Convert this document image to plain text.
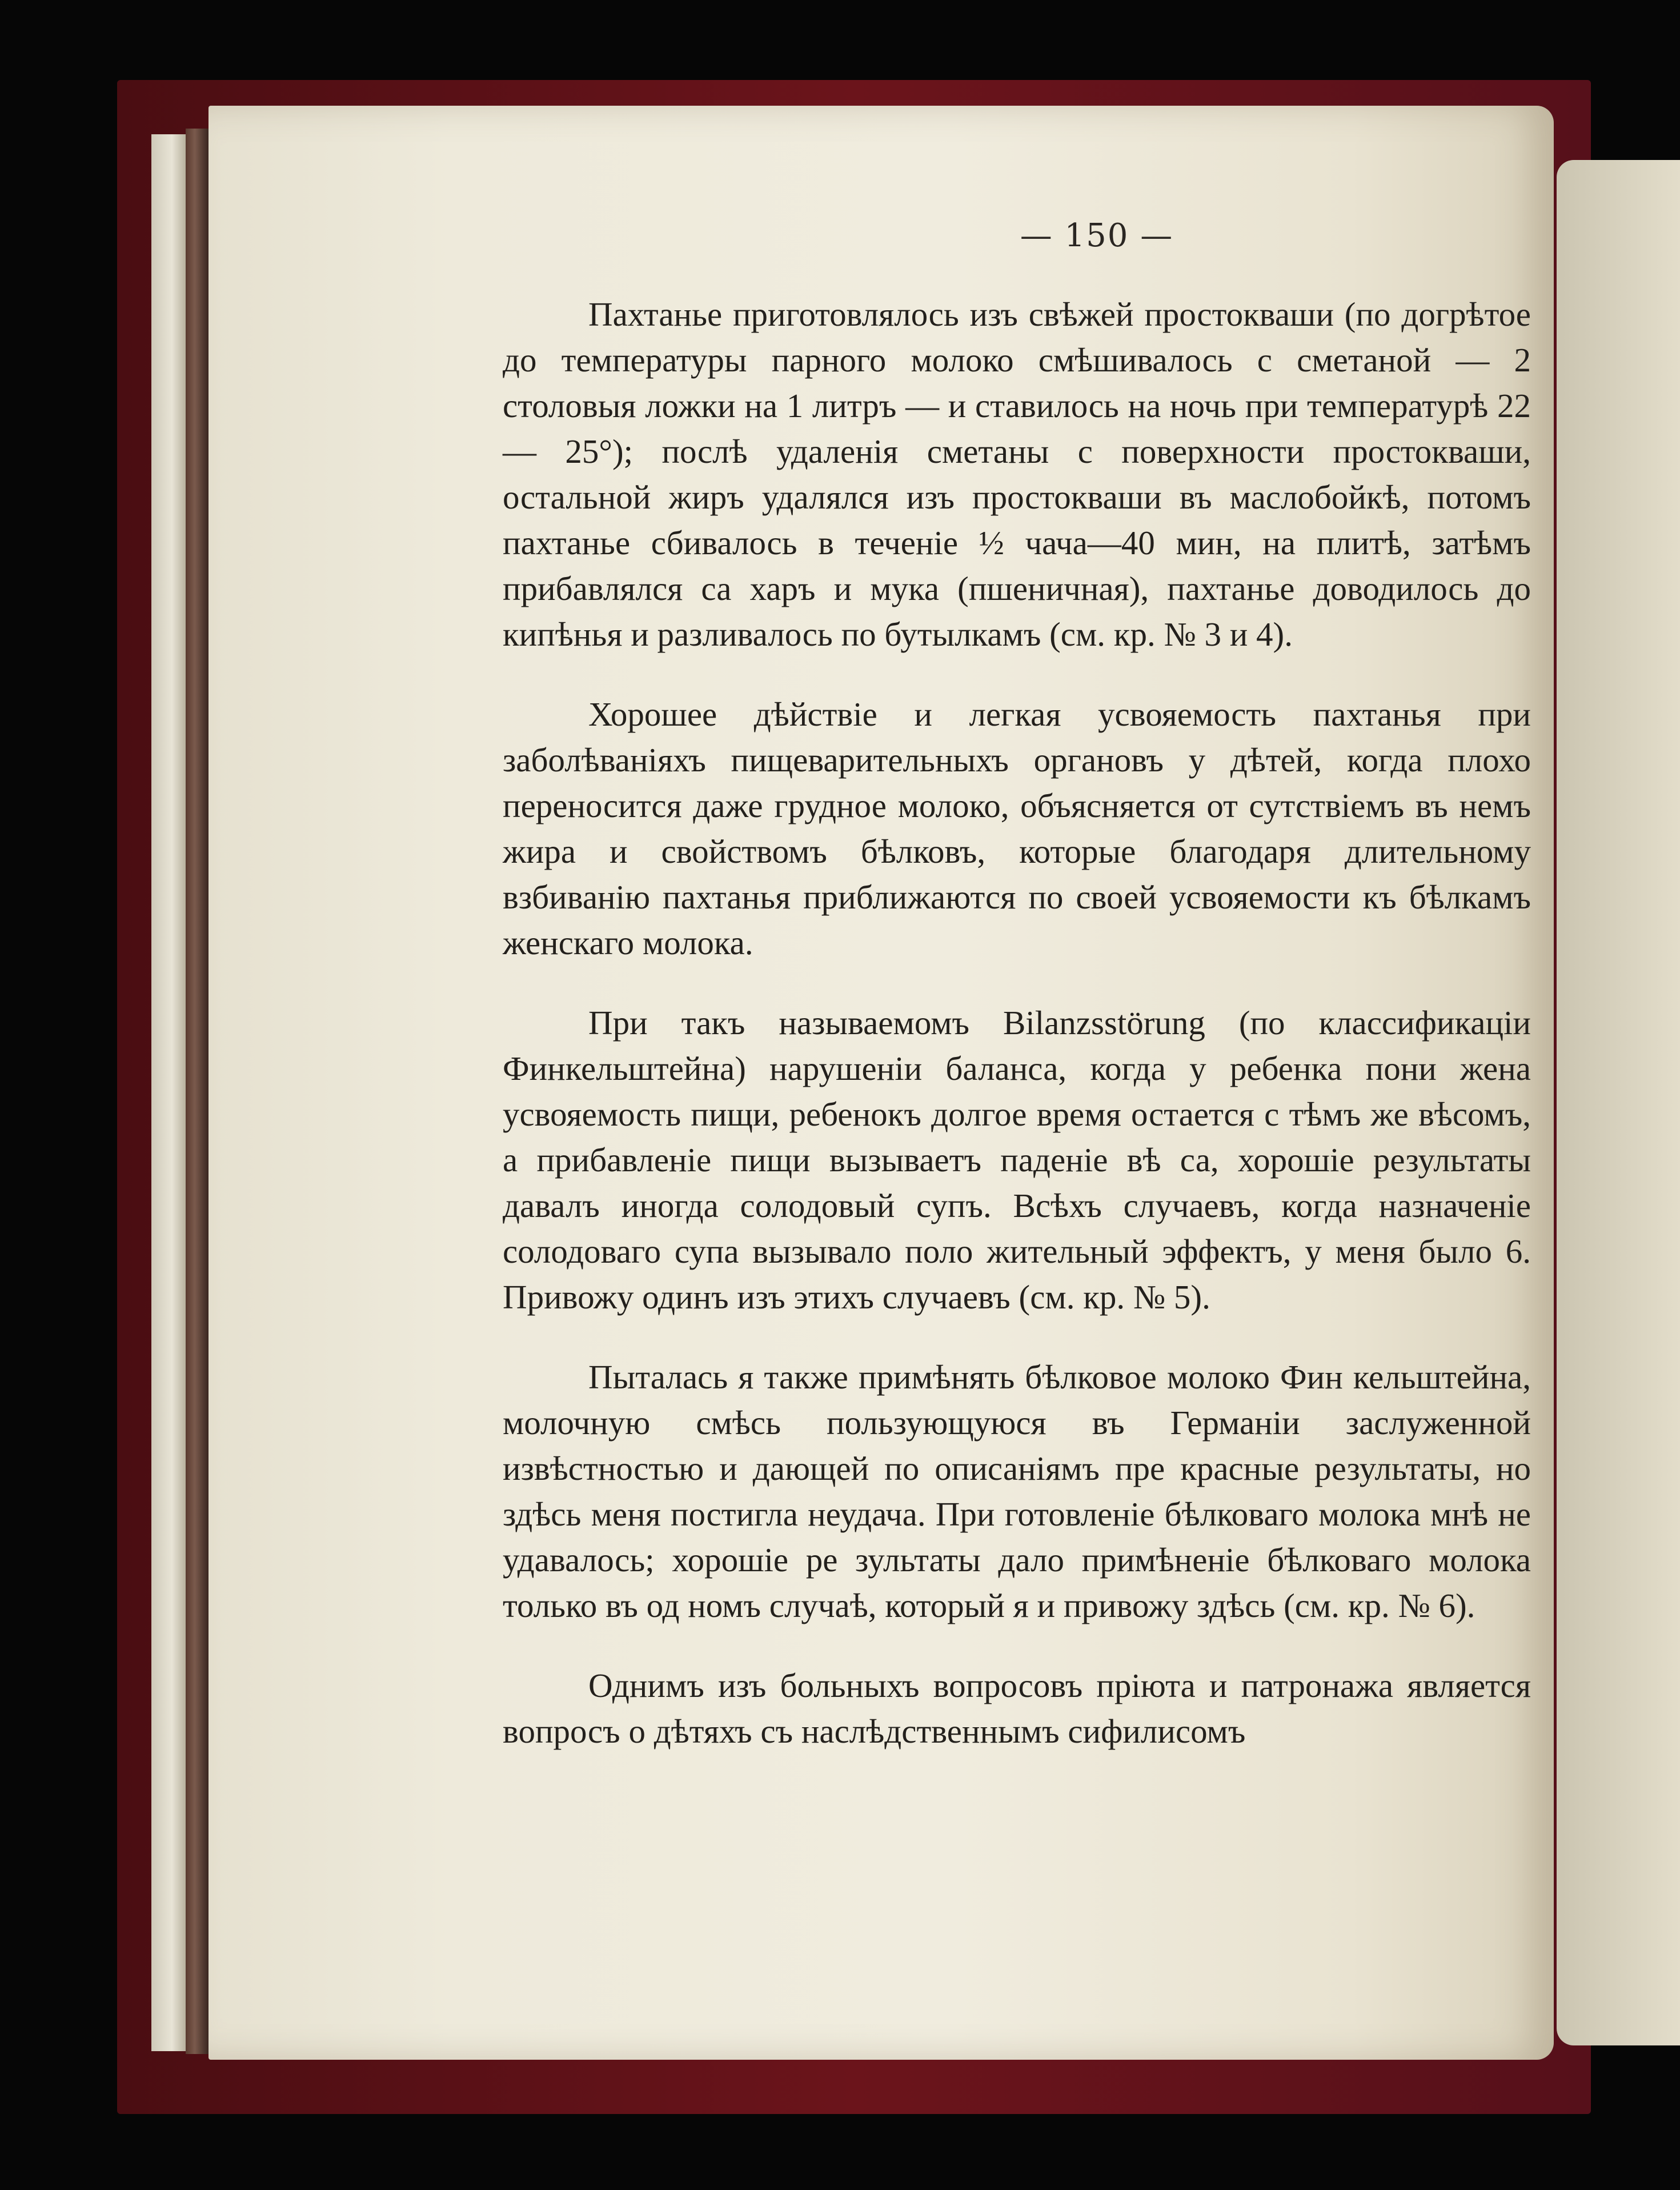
— 150 —

Пахтанье приготовлялось изъ свѣжей простокваши (по догрѣтое до температуры парного молоко смѣшивалось с сметаной — 2 столовыя ложки на 1 литръ — и ставилось на ночь при температурѣ 22 — 25°); послѣ удаленія сметаны с поверхности простокваши, остальной жиръ удалялся изъ простокваши въ маслобойкѣ, потомъ пахтанье сбивалось в теченіе ½ чача—40 мин, на плитѣ, затѣмъ прибавлялся са харъ и мука (пшеничная), пахтанье доводилось до кипѣнья и разливалось по бутылкамъ (см. кр. № 3 и 4).

Хорошее дѣйствіе и легкая усвояемость пахтанья при заболѣваніяхъ пищеварительныхъ органовъ у дѣтей, когда плохо переносится даже грудное молоко, объясняется от сутствіемъ въ немъ жира и свойствомъ бѣлковъ, которые благодаря длительному взбиванію пахтанья приближаются по своей усвояемости къ бѣлкамъ женскаго молока.

При такъ называемомъ Bilanzsstörung (по классификаціи Финкельштейна) нарушеніи баланса, когда у ребенка пони жена усвояемость пищи, ребенокъ долгое время остается с тѣмъ же вѣсомъ, а прибавленіе пищи вызываетъ паденіе вѣ са, хорошіе результаты давалъ иногда солодовый супъ. Всѣхъ случаевъ, когда назначеніе солодоваго супа вызывало поло жительный эффектъ, у меня было 6. Привожу одинъ изъ этихъ случаевъ (см. кр. № 5).

Пыталась я также примѣнять бѣлковое молоко Фин кельштейна, молочную смѣсь пользующуюся въ Германіи заслуженной извѣстностью и дающей по описаніямъ пре красные результаты, но здѣсь меня постигла неудача. При готовленіе бѣлковаго молока мнѣ не удавалось; хорошіе ре зультаты дало примѣненіе бѣлковаго молока только въ од номъ случаѣ, который я и привожу здѣсь (см. кр. № 6).

Однимъ изъ больныхъ вопросовъ пріюта и патронажа является вопросъ о дѣтяхъ съ наслѣдственнымъ сифилисомъ
